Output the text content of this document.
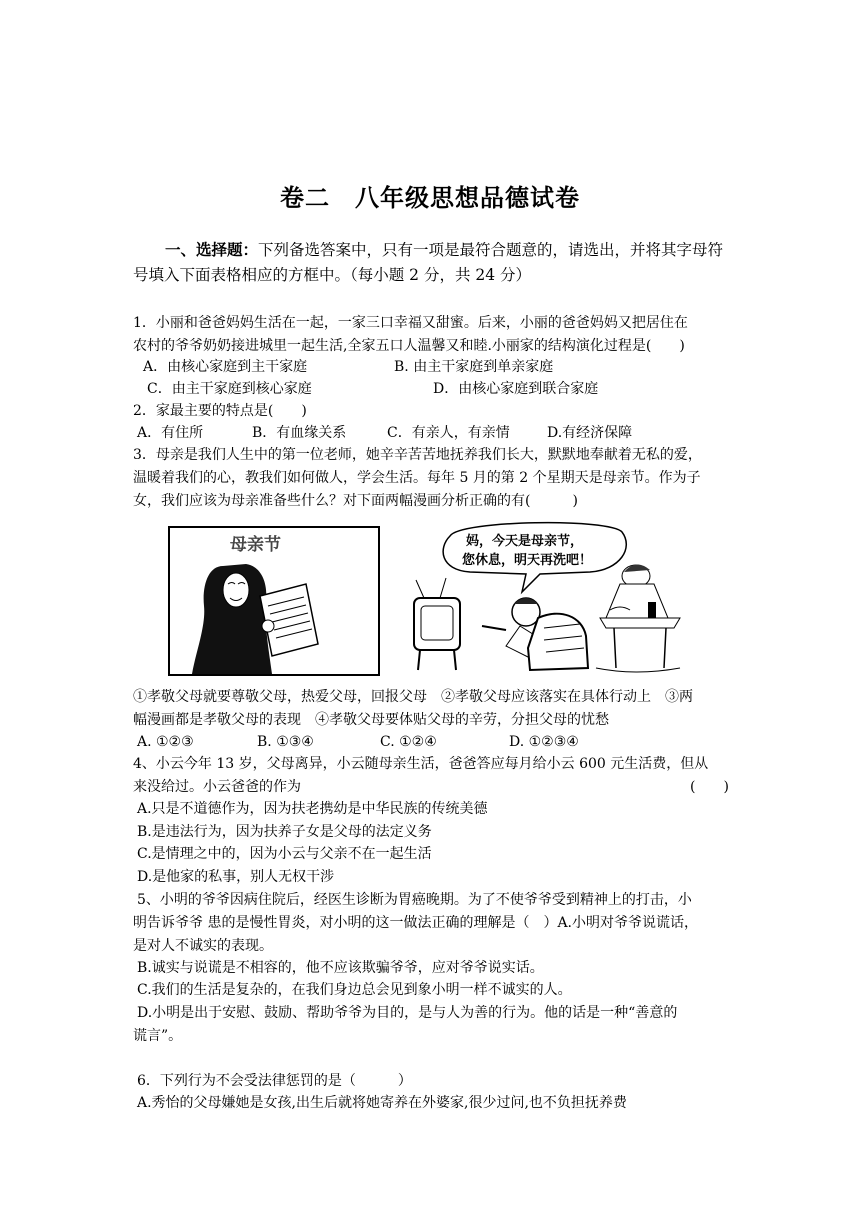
卷二　八年级思想品德试卷
一、选择题：下列备选答案中，只有一项是最符合题意的，请选出，并将其字母符号填入下面表格相应的方框中。（每小题 2 分，共 24 分）
1．小丽和爸爸妈妈生活在一起，一家三口幸福又甜蜜。后来，小丽的爸爸妈妈又把居住在
农村的爷爷奶奶接进城里一起生活,全家五口人温馨又和睦.小丽家的结构演化过程是(　　)
A．由核心家庭到主干家庭	B. 由主干家庭到单亲家庭
C．由主干家庭到核心家庭	D．由核心家庭到联合家庭
2．家最主要的特点是(　　)
A．有住所	B．有血缘关系	C．有亲人，有亲情	D.有经济保障
3．母亲是我们人生中的第一位老师，她辛辛苦苦地抚养我们长大，默默地奉献着无私的爱，
温暖着我们的心，教我们如何做人，学会生活。每年 5 月的第 2 个星期天是母亲节。作为子
女，我们应该为母亲准备些什么？对下面两幅漫画分析正确的有(　　　)
母亲节	妈，今天是母亲节，
您休息，明天再洗吧！
①孝敬父母就要尊敬父母，热爱父母，回报父母　②孝敬父母应该落实在具体行动上　③两
幅漫画都是孝敬父母的表现　④孝敬父母要体贴父母的辛劳，分担父母的忧愁
A. ①②③	B. ①③④	C. ①②④	D. ①②③④
4、小云今年 13 岁，父母离异，小云随母亲生活，爸爸答应每月给小云 600 元生活费，但从
来没给过。小云爸爸的作为	(　　)
A.只是不道德作为，因为扶老携幼是中华民族的传统美德
B.是违法行为，因为扶养子女是父母的法定义务
C.是情理之中的，因为小云与父亲不在一起生活
D.是他家的私事，别人无权干涉
5、小明的爷爷因病住院后，经医生诊断为胃癌晚期。为了不使爷爷受到精神上的打击，小
明告诉爷爷 患的是慢性胃炎，对小明的这一做法正确的理解是（　）A.小明对爷爷说谎话，
是对人不诚实的表现。
B.诚实与说谎是不相容的，他不应该欺骗爷爷，应对爷爷说实话。
C.我们的生活是复杂的，在我们身边总会见到象小明一样不诚实的人。
D.小明是出于安慰、鼓励、帮助爷爷为目的，是与人为善的行为。他的话是一种“善意的
谎言”。
6．下列行为不会受法律惩罚的是（　　　）
A.秀怡的父母嫌她是女孩,出生后就将她寄养在外婆家,很少过问,也不负担抚养费
